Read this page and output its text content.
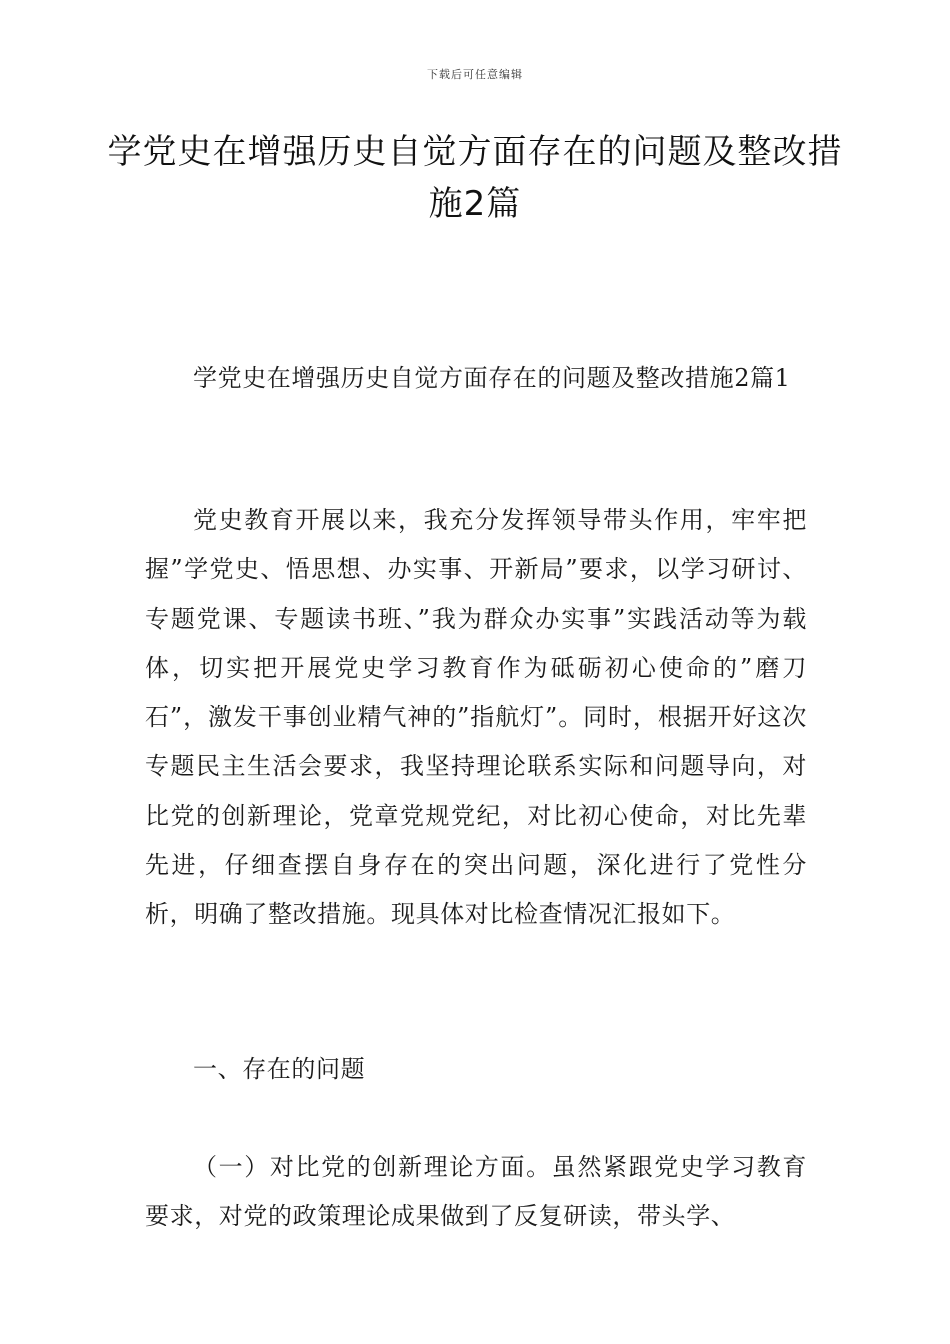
下载后可任意编辑
学党史在增强历史自觉方面存在的问题及整改措施2篇

学党史在增强历史自觉方面存在的问题及整改措施2篇1

党史教育开展以来，我充分发挥领导带头作用，牢牢把握”学党史、悟思想、办实事、开新局”要求，以学习研讨、专题党课、专题读书班、”我为群众办实事”实践活动等为载体，切实把开展党史学习教育作为砥砺初心使命的”磨刀石”，激发干事创业精气神的”指航灯”。同时，根据开好这次专题民主生活会要求，我坚持理论联系实际和问题导向，对比党的创新理论，党章党规党纪，对比初心使命，对比先辈先进，仔细查摆自身存在的突出问题，深化进行了党性分析，明确了整改措施。现具体对比检查情况汇报如下。

一、存在的问题

（一）对比党的创新理论方面。虽然紧跟党史学习教育要求，对党的政策理论成果做到了反复研读，带头学、
